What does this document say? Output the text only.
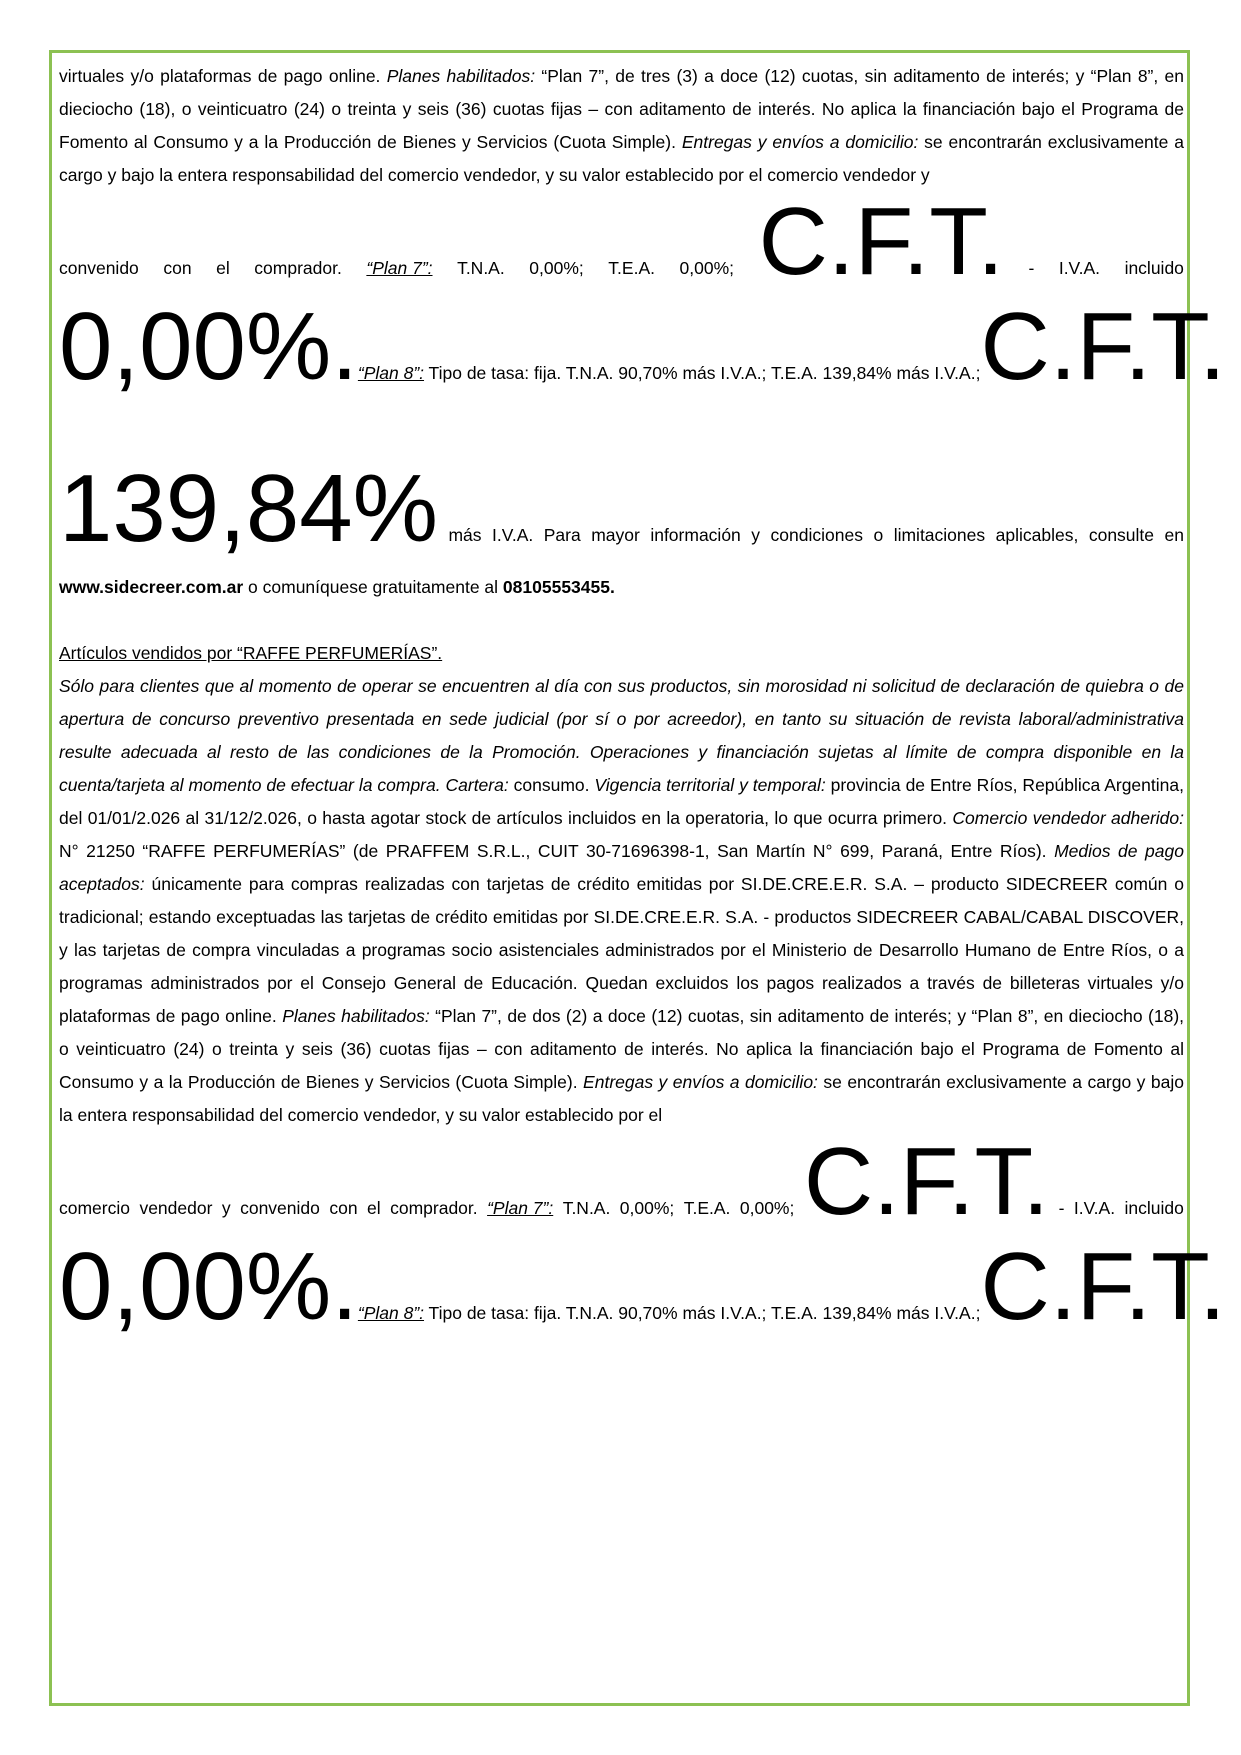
virtuales y/o plataformas de pago online. Planes habilitados: “Plan 7”, de tres (3) a doce (12) cuotas, sin aditamento de interés; y “Plan 8”, en dieciocho (18), o veinticuatro (24) o treinta y seis (36) cuotas fijas – con aditamento de interés. No aplica la financiación bajo el Programa de Fomento al Consumo y a la Producción de Bienes y Servicios (Cuota Simple). Entregas y envíos a domicilio: se encontrarán exclusivamente a cargo y bajo la entera responsabilidad del comercio vendedor, y su valor establecido por el comercio vendedor y

convenido con el comprador. “Plan 7”: T.N.A. 0,00%; T.E.A. 0,00%; C.F.T. - I.V.A. incluido
0,00%. “Plan 8”: Tipo de tasa: fija. T.N.A. 90,70% más I.V.A.; T.E.A. 139,84% más I.V.A.; C.F.T.
139,84% más I.V.A. Para mayor información y condiciones o limitaciones aplicables, consulte en

www.sidecreer.com.ar o comuníquese gratuitamente al 08105553455.

Artículos vendidos por “RAFFE PERFUMERÍAS”.

Sólo para clientes que al momento de operar se encuentren al día con sus productos, sin morosidad ni solicitud de declaración de quiebra o de apertura de concurso preventivo presentada en sede judicial (por sí o por acreedor), en tanto su situación de revista laboral/administrativa resulte adecuada al resto de las condiciones de la Promoción. Operaciones y financiación sujetas al límite de compra disponible en la cuenta/tarjeta al momento de efectuar la compra. Cartera: consumo. Vigencia territorial y temporal: provincia de Entre Ríos, República Argentina, del 01/01/2.026 al 31/12/2.026, o hasta agotar stock de artículos incluidos en la operatoria, lo que ocurra primero. Comercio vendedor adherido: N° 21250 “RAFFE PERFUMERÍAS” (de PRAFFEM S.R.L., CUIT 30-71696398-1, San Martín N° 699, Paraná, Entre Ríos). Medios de pago aceptados: únicamente para compras realizadas con tarjetas de crédito emitidas por SI.DE.CRE.E.R. S.A. – producto SIDECREER común o tradicional; estando exceptuadas las tarjetas de crédito emitidas por SI.DE.CRE.E.R. S.A. - productos SIDECREER CABAL/CABAL DISCOVER, y las tarjetas de compra vinculadas a programas socio asistenciales administrados por el Ministerio de Desarrollo Humano de Entre Ríos, o a programas administrados por el Consejo General de Educación. Quedan excluidos los pagos realizados a través de billeteras virtuales y/o plataformas de pago online. Planes habilitados: “Plan 7”, de dos (2) a doce (12) cuotas, sin aditamento de interés; y “Plan 8”, en dieciocho (18), o veinticuatro (24) o treinta y seis (36) cuotas fijas – con aditamento de interés. No aplica la financiación bajo el Programa de Fomento al Consumo y a la Producción de Bienes y Servicios (Cuota Simple). Entregas y envíos a domicilio: se encontrarán exclusivamente a cargo y bajo la entera responsabilidad del comercio vendedor, y su valor establecido por el

comercio vendedor y convenido con el comprador. “Plan 7”: T.N.A. 0,00%; T.E.A. 0,00%; C.F.T. - I.V.A. incluido
0,00%. “Plan 8”: Tipo de tasa: fija. T.N.A. 90,70% más I.V.A.; T.E.A. 139,84% más I.V.A.; C.F.T.
